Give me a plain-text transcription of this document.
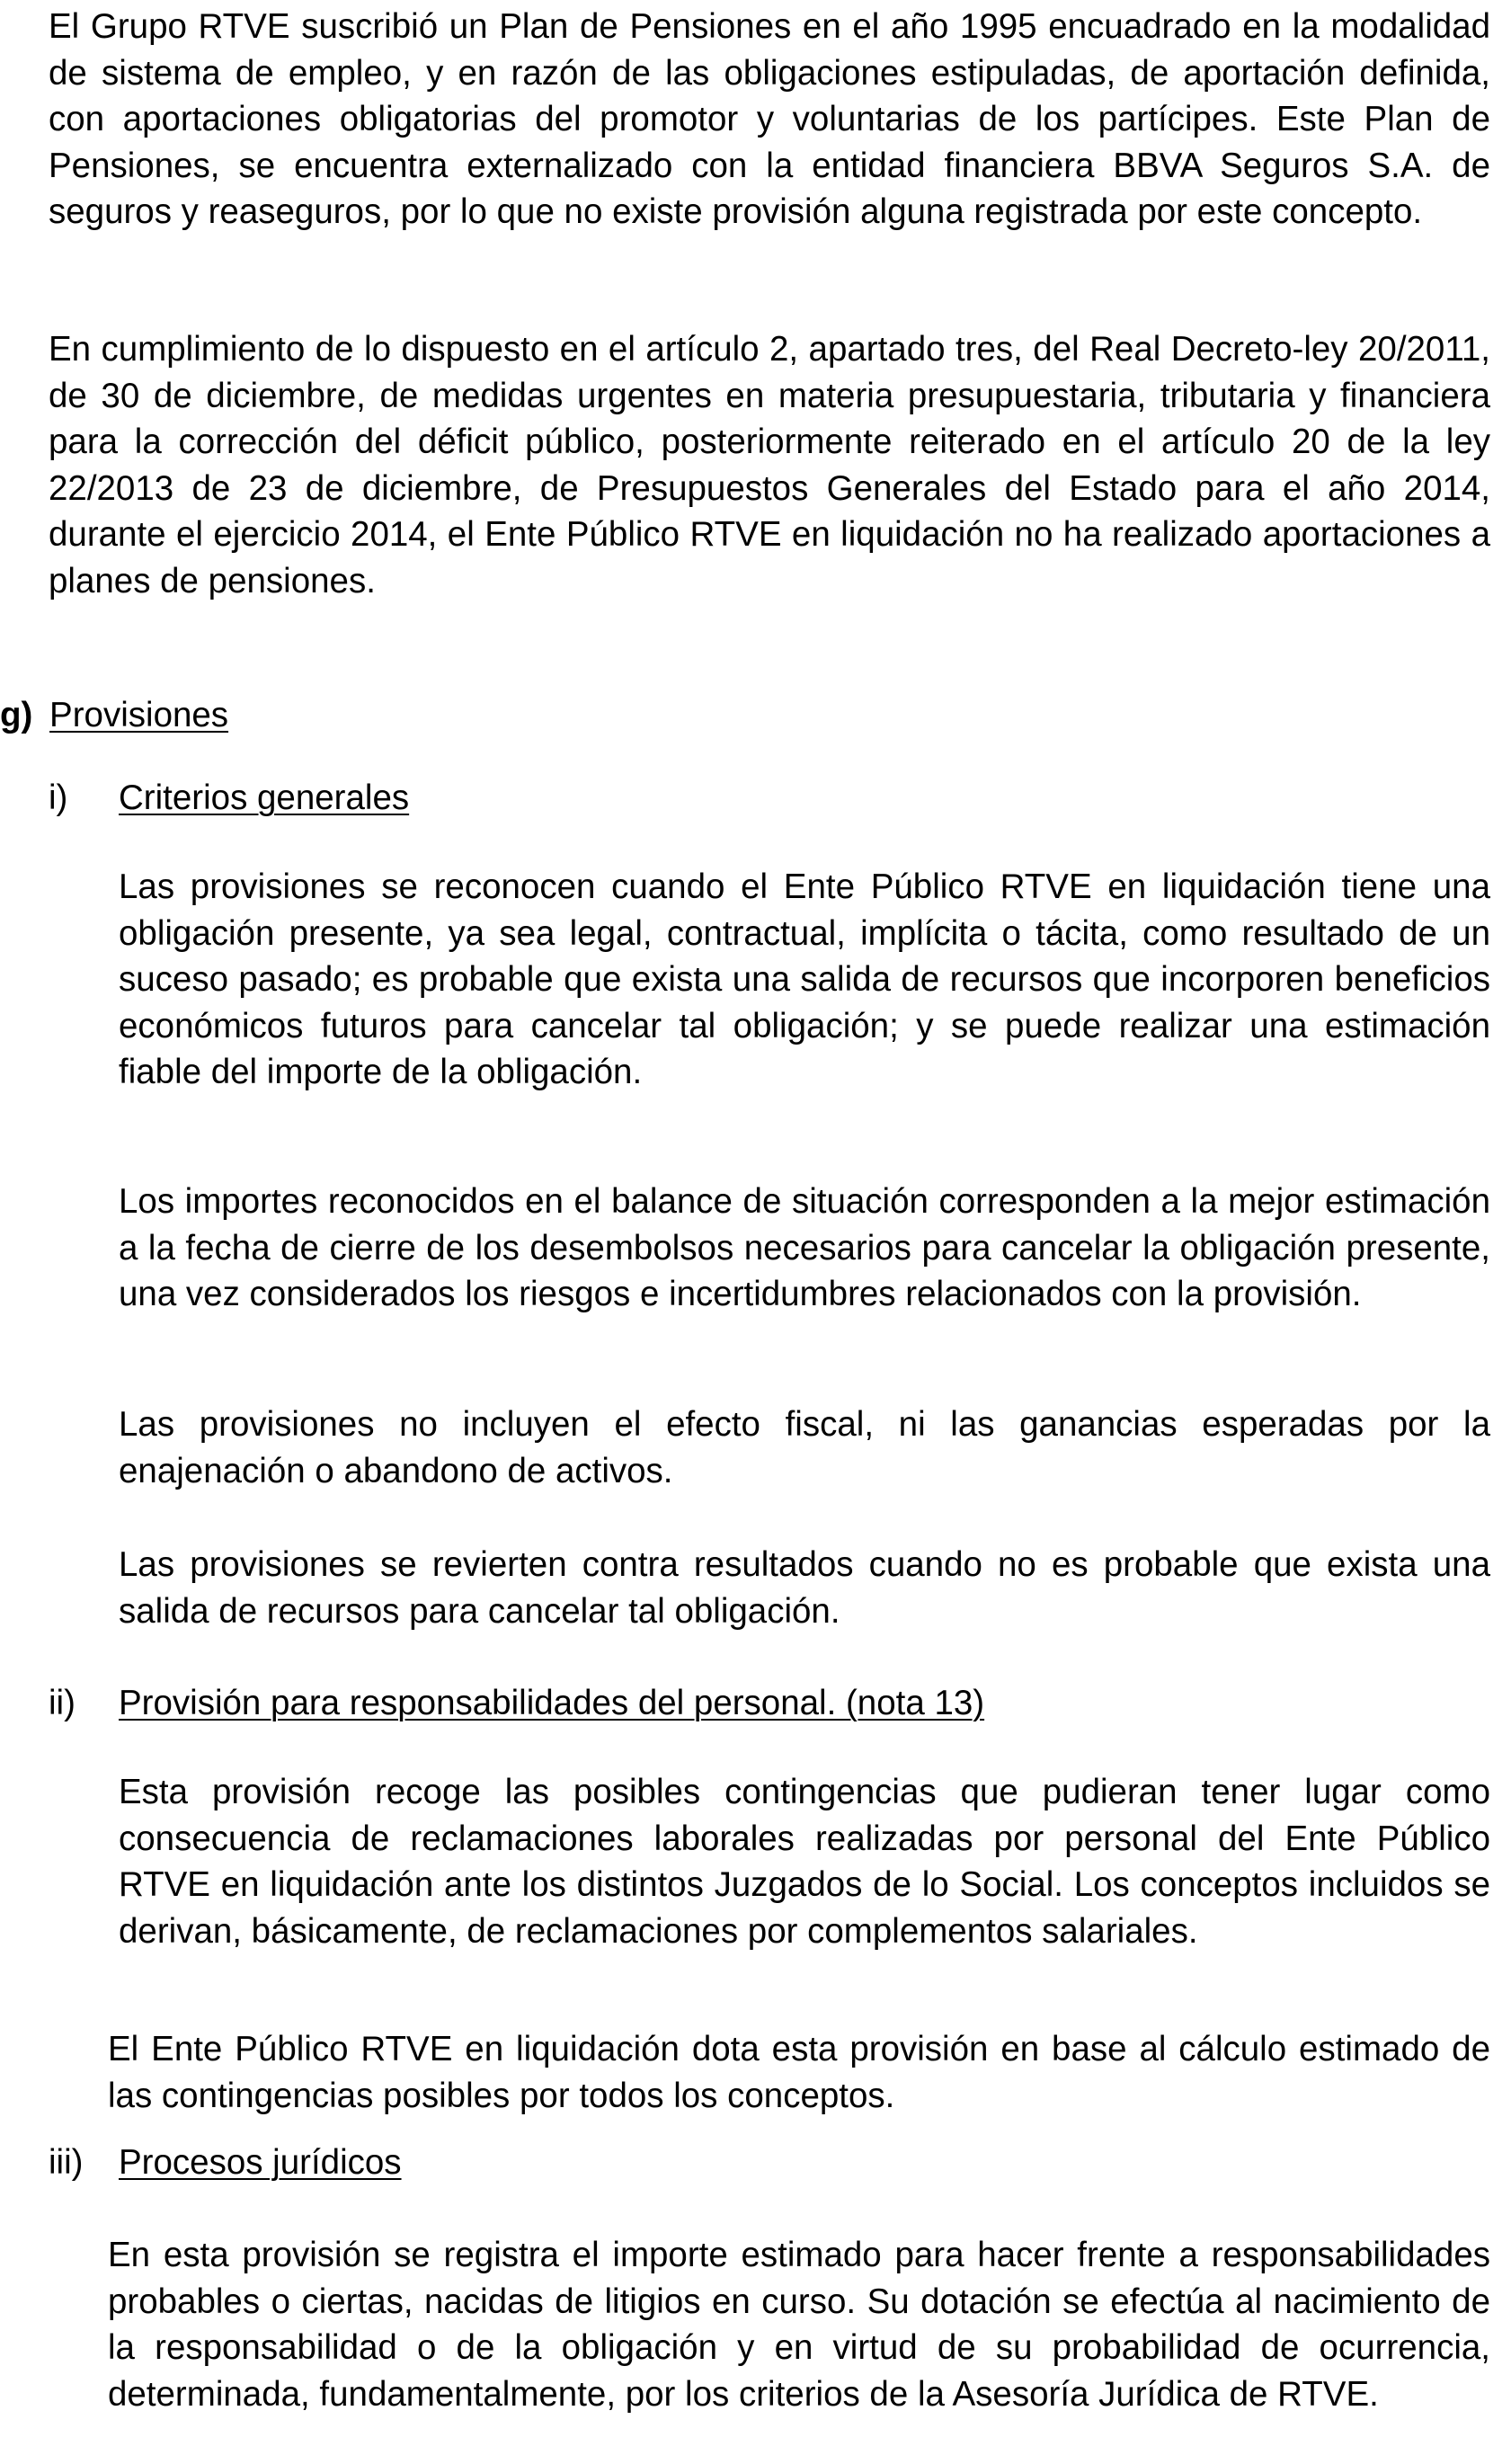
El Grupo RTVE suscribió un Plan de Pensiones en el año 1995 encuadrado en la modalidad de sistema de empleo, y en razón de las obligaciones estipuladas, de aportación definida, con aportaciones obligatorias del promotor y voluntarias de los partícipes. Este Plan de Pensiones, se encuentra externalizado con la entidad financiera BBVA Seguros S.A. de seguros y reaseguros, por lo que no existe provisión alguna registrada por este concepto.

En cumplimiento de lo dispuesto en el artículo 2, apartado tres, del Real Decreto-ley 20/2011, de 30 de diciembre, de medidas urgentes en materia presupuestaria, tributaria y financiera para la corrección del déficit público, posteriormente reiterado en el artículo 20 de la ley 22/2013 de 23 de diciembre, de Presupuestos Generales del Estado para el año 2014, durante el ejercicio 2014, el Ente Público RTVE en liquidación no ha realizado aportaciones a planes de pensiones.

g) Provisiones
i) Criterios generales

Las provisiones se reconocen cuando el Ente Público RTVE en liquidación tiene una obligación presente, ya sea legal, contractual, implícita o tácita, como resultado de un suceso pasado; es probable que exista una salida de recursos que incorporen beneficios económicos futuros para cancelar tal obligación; y se puede realizar una estimación fiable del importe de la obligación.

Los importes reconocidos en el balance de situación corresponden a la mejor estimación a la fecha de cierre de los desembolsos necesarios para cancelar la obligación presente, una vez considerados los riesgos e incertidumbres relacionados con la provisión.

Las provisiones no incluyen el efecto fiscal, ni las ganancias esperadas por la enajenación o abandono de activos.

Las provisiones se revierten contra resultados cuando no es probable que exista una salida de recursos para cancelar tal obligación.

ii) Provisión para responsabilidades del personal. (nota 13)

Esta provisión recoge las posibles contingencias que pudieran tener lugar como consecuencia de reclamaciones laborales realizadas por personal del Ente Público RTVE en liquidación ante los distintos Juzgados de lo Social. Los conceptos incluidos se derivan, básicamente, de reclamaciones por complementos salariales.

El Ente Público RTVE en liquidación dota esta provisión en base al cálculo estimado de las contingencias posibles por todos los conceptos.

iii) Procesos jurídicos

En esta provisión se registra el importe estimado para hacer frente a responsabilidades probables o ciertas, nacidas de litigios en curso. Su dotación se efectúa al nacimiento de la responsabilidad o de la obligación y en virtud de su probabilidad de ocurrencia, determinada, fundamentalmente, por los criterios de la Asesoría Jurídica de RTVE.
